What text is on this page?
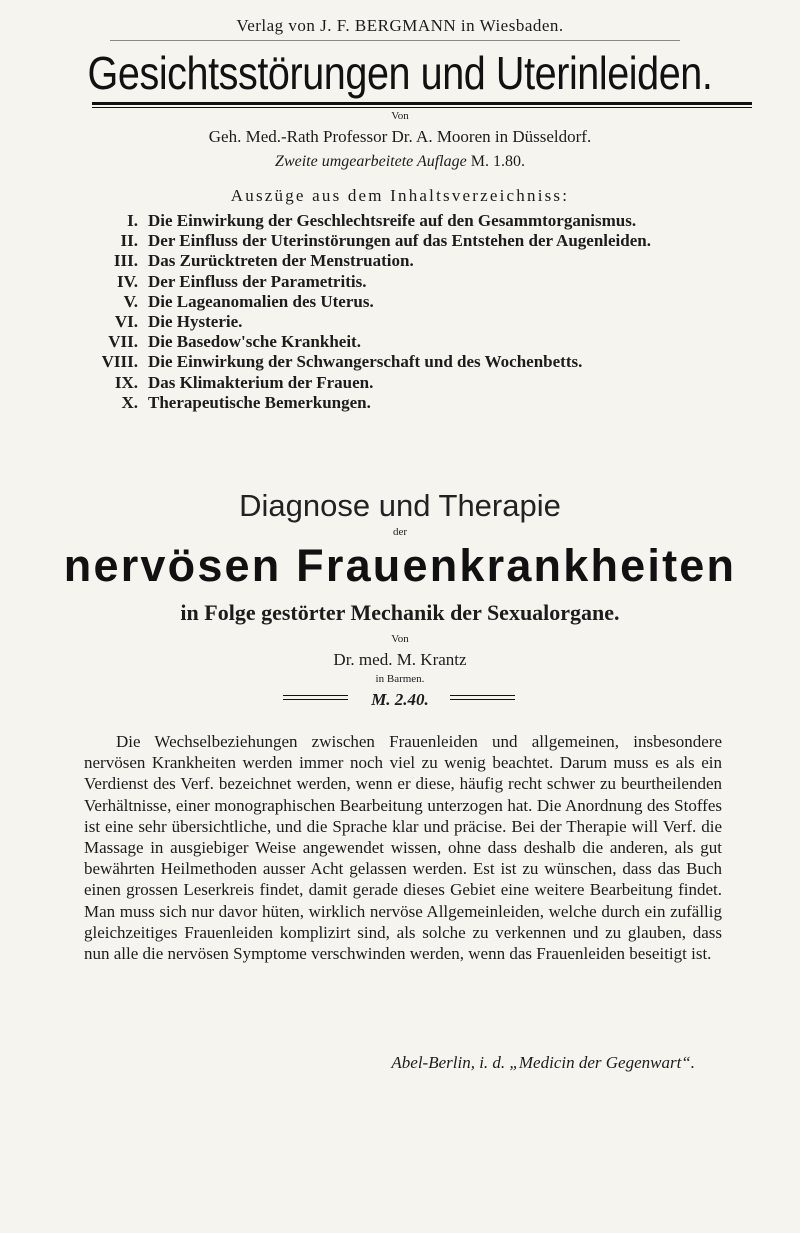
Verlag von J. F. BERGMANN in Wiesbaden.
Gesichtsstörungen und Uterinleiden.
Von
Geh. Med.-Rath Professor Dr. A. Mooren in Düsseldorf.
Zweite umgearbeitete Auflage M. 1.80.
Auszüge aus dem Inhaltsverzeichniss:
I. Die Einwirkung der Geschlechtsreife auf den Gesammtorganismus.
II. Der Einfluss der Uterinstörungen auf das Entstehen der Augenleiden.
III. Das Zurücktreten der Menstruation.
IV. Der Einfluss der Parametritis.
V. Die Lageanomalien des Uterus.
VI. Die Hysterie.
VII. Die Basedow'sche Krankheit.
VIII. Die Einwirkung der Schwangerschaft und des Wochenbetts.
IX. Das Klimakterium der Frauen.
X. Therapeutische Bemerkungen.
Diagnose und Therapie
der
nervösen Frauenkrankheiten
in Folge gestörter Mechanik der Sexualorgane.
Von
Dr. med. M. Krantz
in Barmen.
M. 2.40.

Die Wechselbeziehungen zwischen Frauenleiden und allgemeinen, insbesondere nervösen Krankheiten werden immer noch viel zu wenig beachtet. Darum muss es als ein Verdienst des Verf. bezeichnet werden, wenn er diese, häufig recht schwer zu beurtheilenden Verhältnisse, einer monographischen Bearbeitung unterzogen hat. Die Anordnung des Stoffes ist eine sehr übersichtliche, und die Sprache klar und präcise. Bei der Therapie will Verf. die Massage in ausgiebiger Weise angewendet wissen, ohne dass deshalb die anderen, als gut bewährten Heilmethoden ausser Acht gelassen werden. Est ist zu wünschen, dass das Buch einen grossen Leserkreis findet, damit gerade dieses Gebiet eine weitere Bearbeitung findet. Man muss sich nur davor hüten, wirklich nervöse Allgemeinleiden, welche durch ein zufällig gleichzeitiges Frauenleiden komplizirt sind, als solche zu verkennen und zu glauben, dass nun alle die nervösen Symptome verschwinden werden, wenn das Frauenleiden beseitigt ist.

Abel-Berlin, i. d. „Medicin der Gegenwart“.
